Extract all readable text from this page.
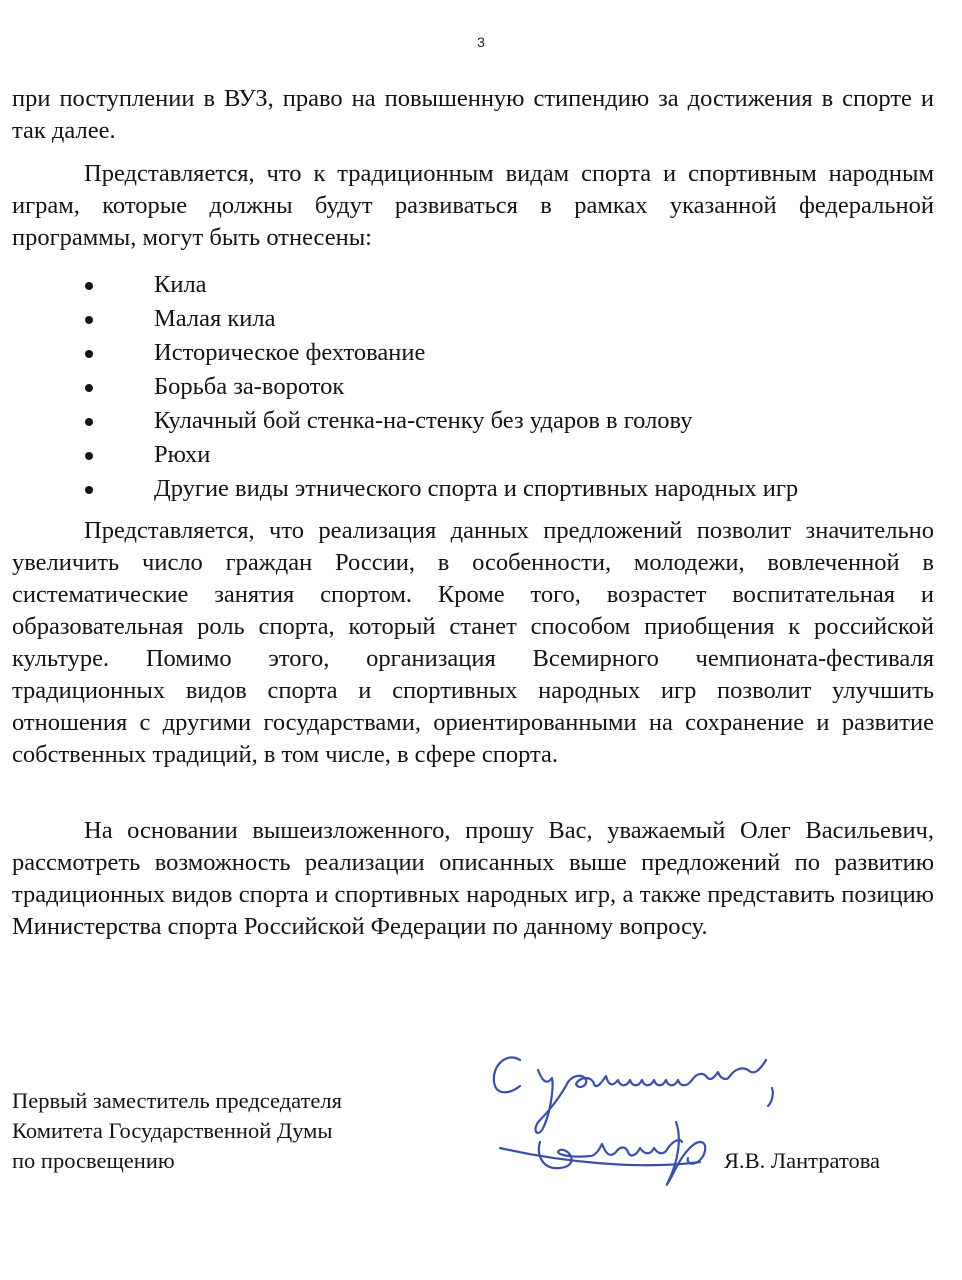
3

при поступлении в ВУЗ, право на повышенную стипендию за достижения в спорте и так далее.

Представляется, что к традиционным видам спорта и спортивным народным играм, которые должны будут развиваться в рамках указанной федеральной программы, могут быть отнесены:

Кила
Малая кила
Историческое фехтование
Борьба за-вороток
Кулачный бой стенка-на-стенку без ударов в голову
Рюхи
Другие виды этнического спорта и спортивных народных игр

Представляется, что реализация данных предложений позволит значительно увеличить число граждан России, в особенности, молодежи, вовлеченной в систематические занятия спортом. Кроме того, возрастет воспитательная и образовательная роль спорта, который станет способом приобщения к российской культуре. Помимо этого, организация Всемирного чемпионата-фестиваля традиционных видов спорта и спортивных народных игр позволит улучшить отношения с другими государствами, ориентированными на сохранение и развитие собственных традиций, в том числе, в сфере спорта.

На основании вышеизложенного, прошу Вас, уважаемый Олег Васильевич, рассмотреть возможность реализации описанных выше предложений по развитию традиционных видов спорта и спортивных народных игр, а также представить позицию Министерства спорта Российской Федерации по данному вопросу.

Первый заместитель председателя
Комитета Государственной Думы
по просвещению	Я.В. Лантратова
